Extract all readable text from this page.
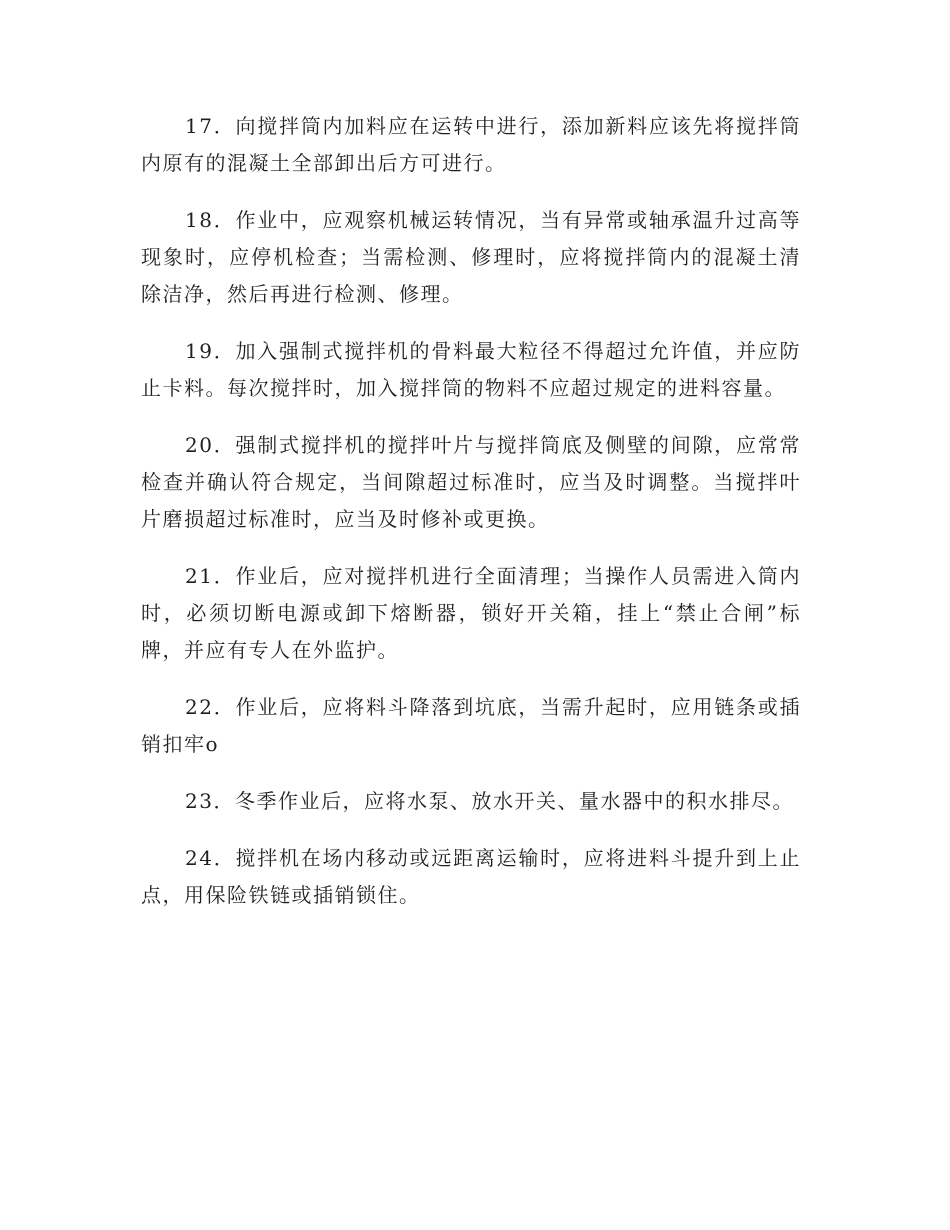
17．向搅拌筒内加料应在运转中进行，添加新料应该先将搅拌筒内原有的混凝土全部卸出后方可进行。

18．作业中，应观察机械运转情况，当有异常或轴承温升过高等现象时，应停机检查；当需检测、修理时，应将搅拌筒内的混凝土清除洁净，然后再进行检测、修理。

19．加入强制式搅拌机的骨料最大粒径不得超过允许值，并应防止卡料。每次搅拌时，加入搅拌筒的物料不应超过规定的进料容量。

20．强制式搅拌机的搅拌叶片与搅拌筒底及侧壁的间隙，应常常检查并确认符合规定，当间隙超过标准时，应当及时调整。当搅拌叶片磨损超过标准时，应当及时修补或更换。

21．作业后，应对搅拌机进行全面清理；当操作人员需进入筒内时，必须切断电源或卸下熔断器，锁好开关箱，挂上“禁止合闸”标牌，并应有专人在外监护。

22．作业后，应将料斗降落到坑底，当需升起时，应用链条或插销扣牢o

23．冬季作业后，应将水泵、放水开关、量水器中的积水排尽。

24．搅拌机在场内移动或远距离运输时，应将进料斗提升到上止点，用保险铁链或插销锁住。
